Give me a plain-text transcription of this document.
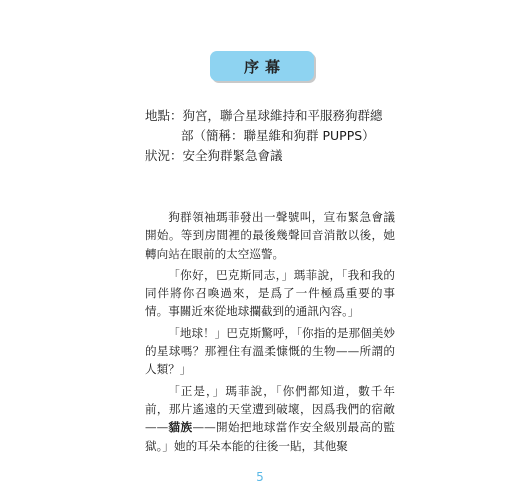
序幕
地點：狗宮，聯合星球維持和平服務狗群總
部（簡稱：聯星維和狗群 PUPPS）
狀況：安全狗群緊急會議

狗群領袖瑪菲發出一聲號叫，宣布緊急會議開始。等到房間裡的最後幾聲回音消散以後，她轉向站在眼前的太空巡警。

「你好，巴克斯同志，」瑪菲說，「我和我的同伴將你召喚過來，是爲了一件極爲重要的事情。事關近來從地球攔截到的通訊內容。」

「地球！」巴克斯驚呼，「你指的是那個美妙的星球嗎？那裡住有溫柔慷慨的生物——所謂的人類？」

「正是，」瑪菲說，「你們都知道，數千年前，那片遙遠的天堂遭到破壞，因爲我們的宿敵——貓族——開始把地球當作安全級別最高的監獄。」她的耳朵本能的往後一貼，其他聚

5
